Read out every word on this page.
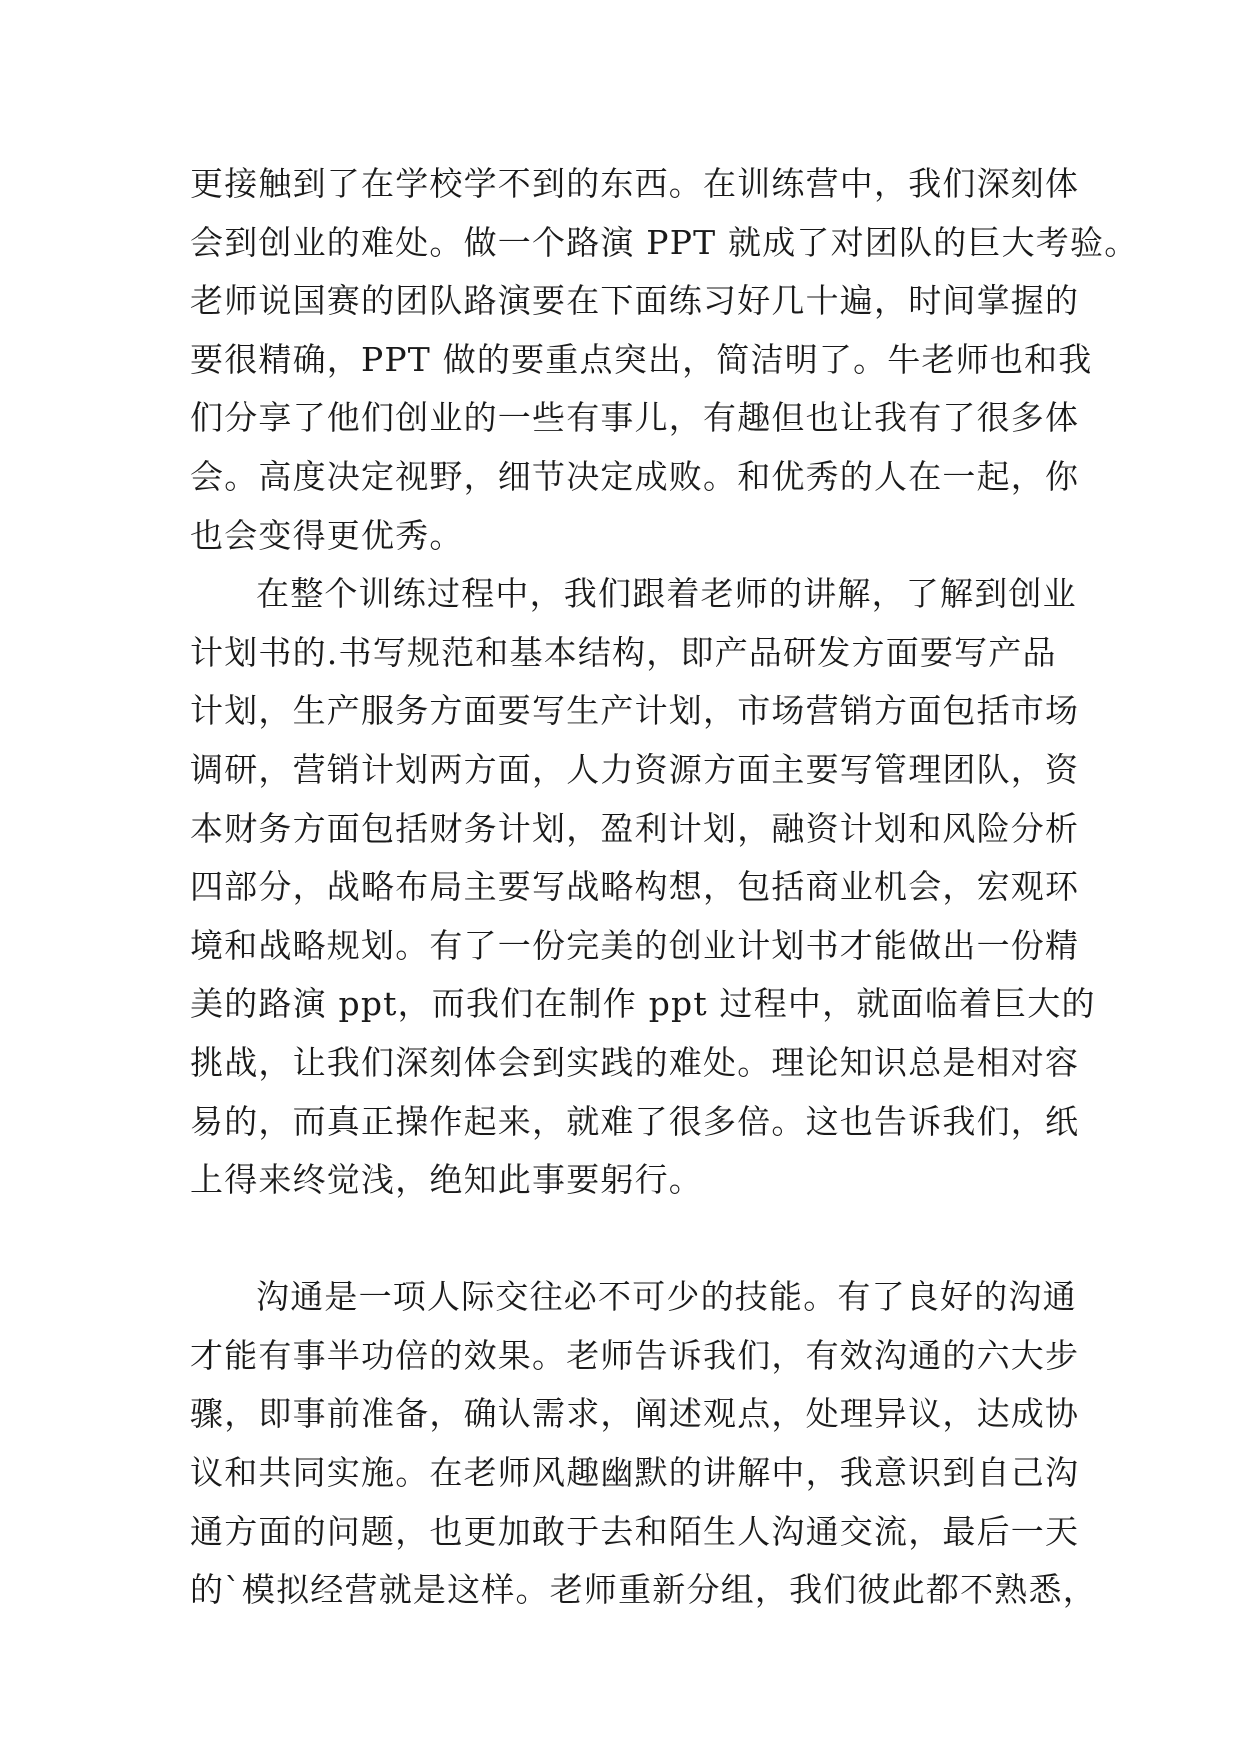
更接触到了在学校学不到的东西。在训练营中，我们深刻体
会到创业的难处。做一个路演 PPT 就成了对团队的巨大考验。
老师说国赛的团队路演要在下面练习好几十遍，时间掌握的
要很精确，PPT 做的要重点突出，简洁明了。牛老师也和我
们分享了他们创业的一些有事儿，有趣但也让我有了很多体
会。高度决定视野，细节决定成败。和优秀的人在一起，你
也会变得更优秀。
在整个训练过程中，我们跟着老师的讲解，了解到创业
计划书的.书写规范和基本结构，即产品研发方面要写产品
计划，生产服务方面要写生产计划，市场营销方面包括市场
调研，营销计划两方面，人力资源方面主要写管理团队，资
本财务方面包括财务计划，盈利计划，融资计划和风险分析
四部分，战略布局主要写战略构想，包括商业机会，宏观环
境和战略规划。有了一份完美的创业计划书才能做出一份精
美的路演 ppt，而我们在制作 ppt 过程中，就面临着巨大的
挑战，让我们深刻体会到实践的难处。理论知识总是相对容
易的，而真正操作起来，就难了很多倍。这也告诉我们，纸
上得来终觉浅，绝知此事要躬行。
沟通是一项人际交往必不可少的技能。有了良好的沟通
才能有事半功倍的效果。老师告诉我们，有效沟通的六大步
骤，即事前准备，确认需求，阐述观点，处理异议，达成协
议和共同实施。在老师风趣幽默的讲解中，我意识到自己沟
通方面的问题，也更加敢于去和陌生人沟通交流，最后一天
的`模拟经营就是这样。老师重新分组，我们彼此都不熟悉，
